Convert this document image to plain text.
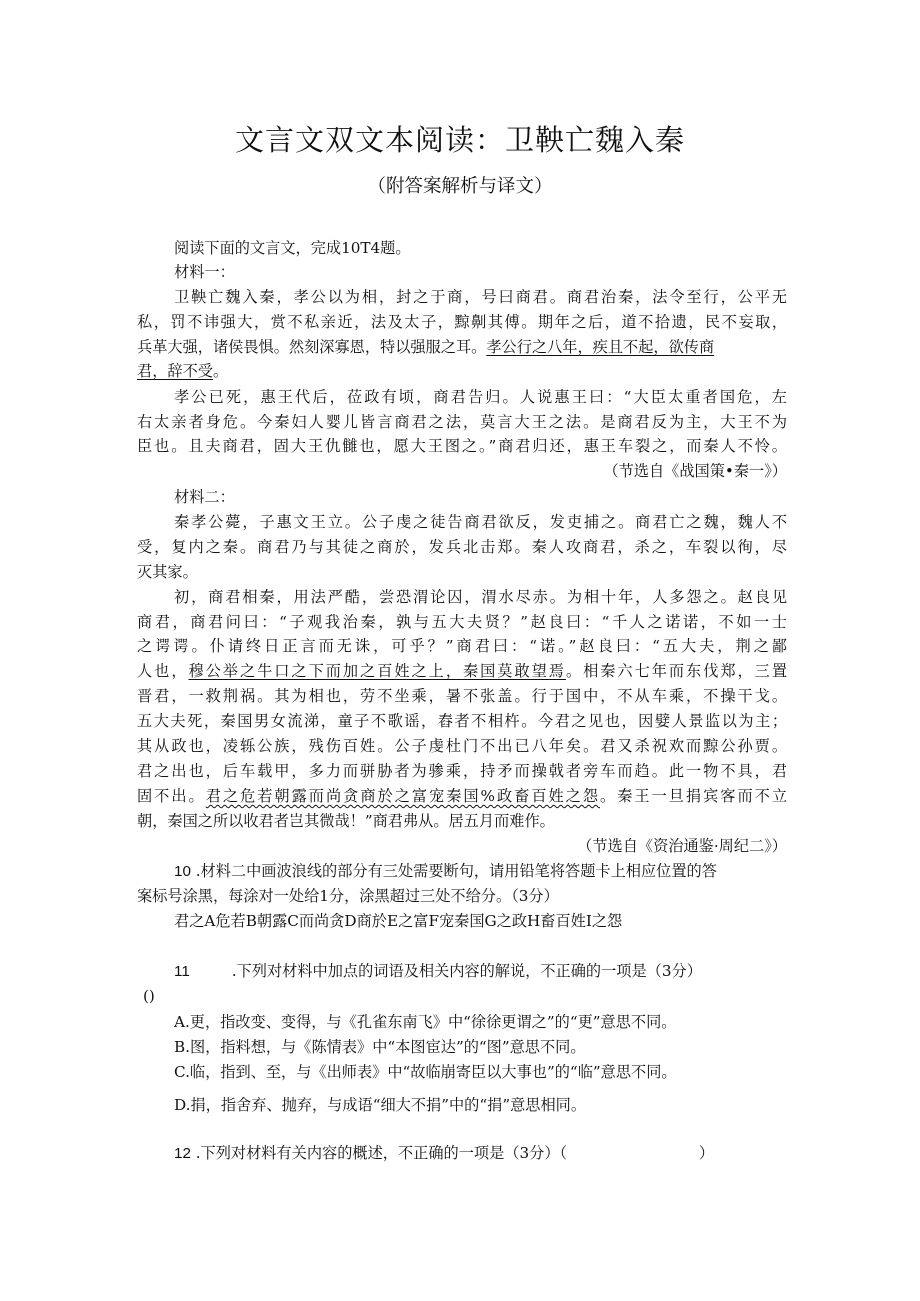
文言文双文本阅读：卫鞅亡魏入秦
（附答案解析与译文）
阅读下面的文言文，完成10T4题。
材料一：
卫鞅亡魏入秦，孝公以为相，封之于商，号曰商君。商君治秦，法令至行，公平无
私，罚不讳强大，赏不私亲近，法及太子，黥劓其傅。期年之后，道不拾遗，民不妄取，
兵革大强，诸侯畏惧。然刻深寡恩，特以强服之耳。孝公行之八年，疾且不起，欲传商
君，辞不受。
孝公已死，惠王代后，莅政有顷，商君告归。人说惠王曰：“大臣太重者国危，左
右太亲者身危。今秦妇人婴儿皆言商君之法，莫言大王之法。是商君反为主，大王不为
臣也。且夫商君，固大王仇雠也，愿大王图之。”商君归还，惠王车裂之，而秦人不怜。
（节选自《战国策•秦一》）
材料二：
秦孝公薨，子惠文王立。公子虔之徒告商君欲反，发吏捕之。商君亡之魏，魏人不
受，复内之秦。商君乃与其徒之商於，发兵北击郑。秦人攻商君，杀之，车裂以徇，尽
灭其家。
初，商君相秦，用法严酷，尝恐渭论囚，渭水尽赤。为相十年，人多怨之。赵良见
商君，商君问曰：“子观我治秦，孰与五大夫贤？”赵良曰：“千人之诺诺，不如一士
之谔谔。仆请终日正言而无诛，可乎？”商君曰：“诺。”赵良曰：“五大夫，荆之鄙
人也，穆公举之牛口之下而加之百姓之上，秦国莫敢望焉。相秦六七年而东伐郑，三置
晋君，一救荆祸。其为相也，劳不坐乘，暑不张盖。行于国中，不从车乘，不操干戈。
五大夫死，秦国男女流涕，童子不歌谣，舂者不相杵。今君之见也，因嬖人景监以为主；
其从政也，凌轹公族，残伤百姓。公子虔杜门不出已八年矣。君又杀祝欢而黥公孙贾。
君之出也，后车载甲，多力而骈胁者为骖乘，持矛而操戟者旁车而趋。此一物不具，君
固不出。君之危若朝露而尚贪商於之富宠秦国%政畜百姓之怨。秦王一旦捐宾客而不立
朝，秦国之所以收君者岂其微哉！”商君弗从。居五月而难作。
（节选自《资治通鉴·周纪二》）
10 .材料二中画波浪线的部分有三处需要断句，请用铅笔将答题卡上相应位置的答
案标号涂黑，每涂对一处给1分，涂黑超过三处不给分。（3分）
君之A危若B朝露C而尚贪D商於E之富F宠秦国G之政H畜百姓I之怨
11	.下列对材料中加点的词语及相关内容的解说，不正确的一项是（3分）
()
A.更，指改变、变得，与《孔雀东南飞》中“徐徐更谓之”的“更”意思不同。
B.图，指料想，与《陈情表》中“本图宦达”的“图”意思不同。
C.临，指到、至，与《出师表》中“故临崩寄臣以大事也”的“临”意思不同。
D.捐，指舍弃、抛弃，与成语“细大不捐”中的“捐”意思相同。
12 .下列对材料有关内容的概述，不正确的一项是（3分）（	）
